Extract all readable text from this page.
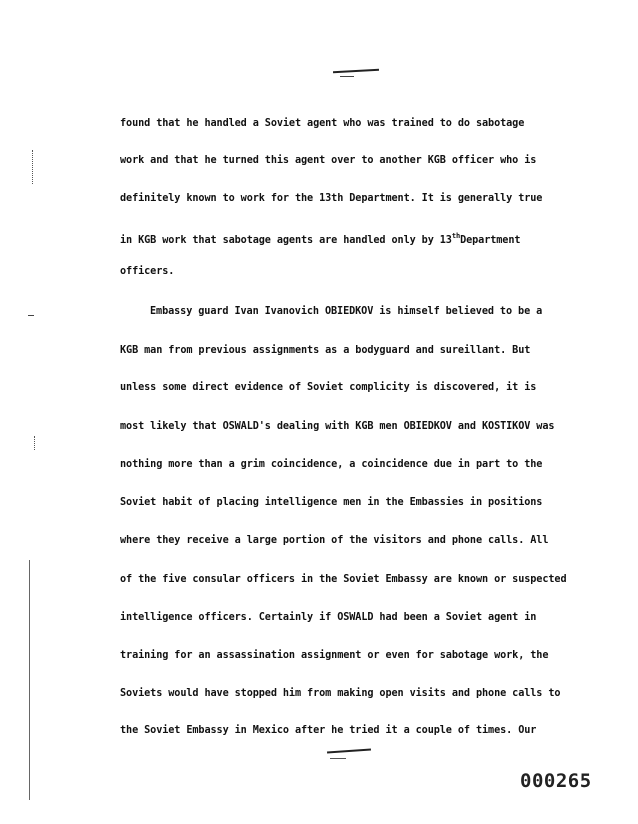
found that he handled a Soviet agent who was trained to do sabotage
work and that he turned this agent over to another KGB officer who is
definitely known to work for the 13th Department. It is generally true
in KGB work that sabotage agents are handled only by 13thDepartment
officers.
Embassy guard Ivan Ivanovich OBIEDKOV is himself believed to be a
KGB man from previous assignments as a bodyguard and sureillant. But
unless some direct evidence of Soviet complicity is discovered, it is
most likely that OSWALD's dealing with KGB men OBIEDKOV and KOSTIKOV was
nothing more than a grim coincidence, a coincidence due in part to the
Soviet habit of placing intelligence men in the Embassies in positions
where they receive a large portion of the visitors and phone calls. All
of the five consular officers in the Soviet Embassy are known or suspected
intelligence officers. Certainly if OSWALD had been a Soviet agent in
training for an assassination assignment or even for sabotage work, the
Soviets would have stopped him from making open visits and phone calls to
the Soviet Embassy in Mexico after he tried it a couple of times. Our
000265
